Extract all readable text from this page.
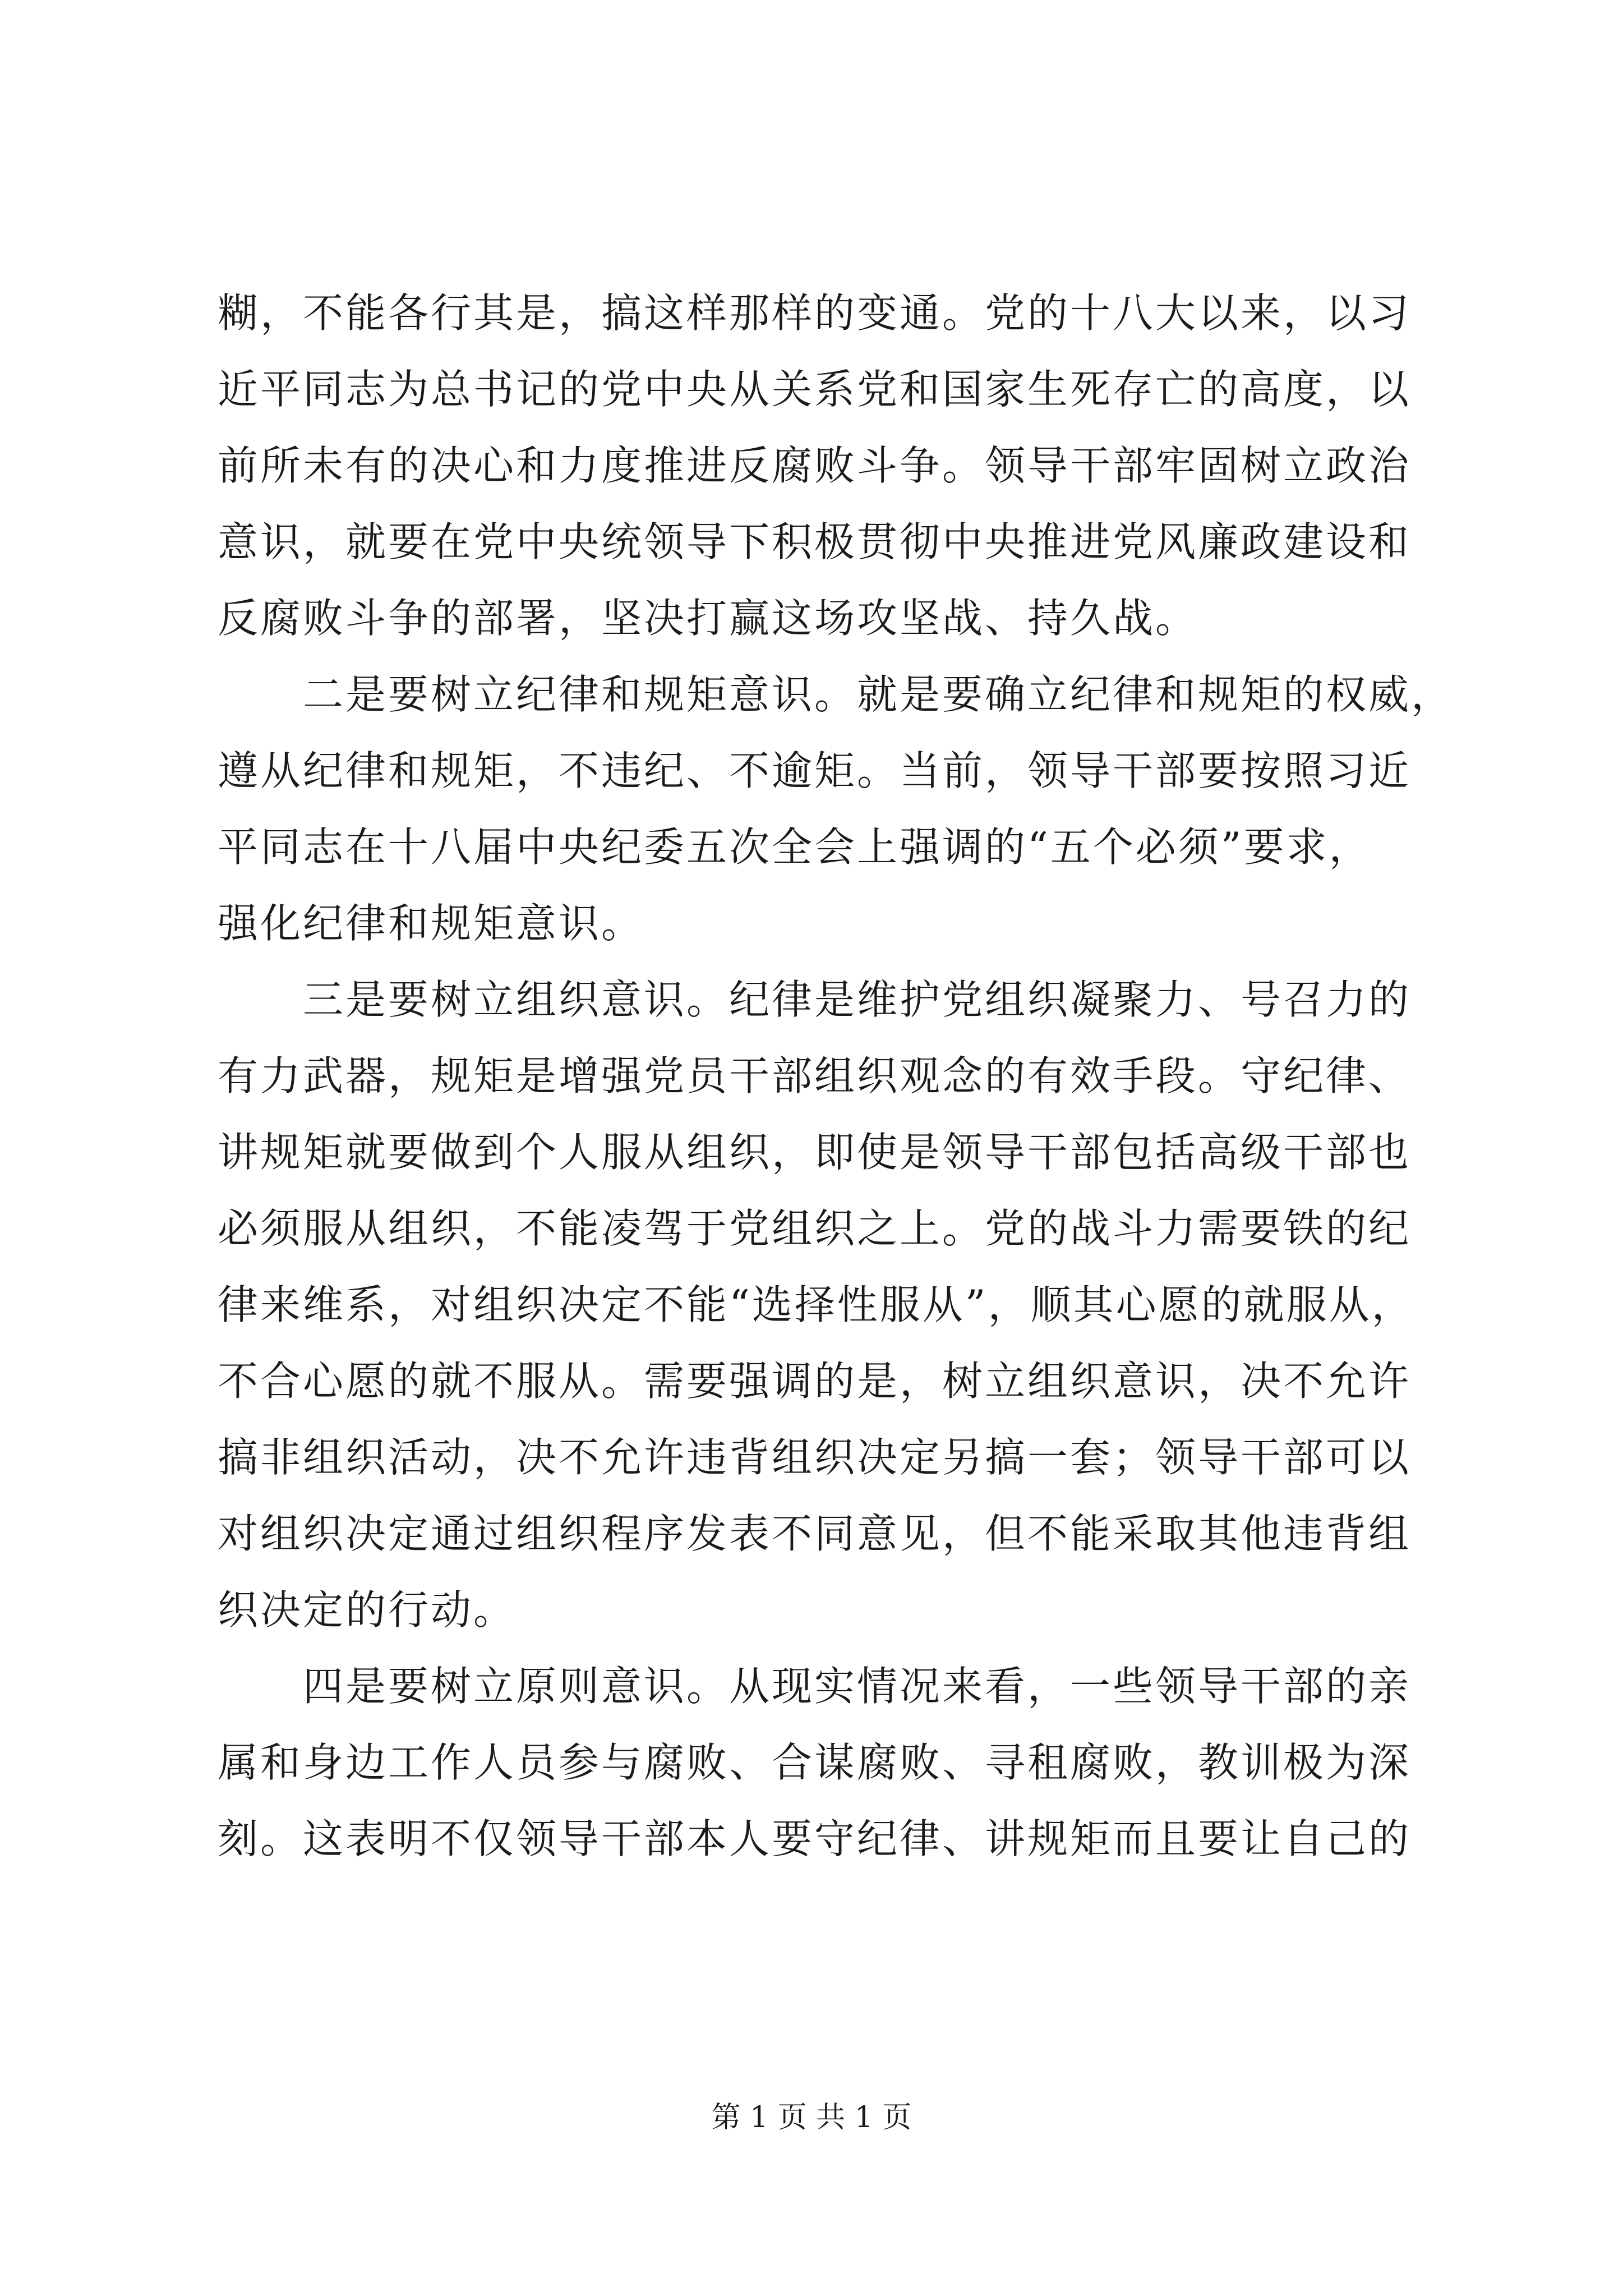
糊，不能各行其是，搞这样那样的变通。党的十八大以来，以习
近平同志为总书记的党中央从关系党和国家生死存亡的高度，以
前所未有的决心和力度推进反腐败斗争。领导干部牢固树立政治
意识，就要在党中央统领导下积极贯彻中央推进党风廉政建设和
反腐败斗争的部署，坚决打赢这场攻坚战、持久战。
二是要树立纪律和规矩意识。就是要确立纪律和规矩的权威，
遵从纪律和规矩，不违纪、不逾矩。当前，领导干部要按照习近
平同志在十八届中央纪委五次全会上强调的“五个必须”要求，
强化纪律和规矩意识。
三是要树立组织意识。纪律是维护党组织凝聚力、号召力的
有力武器，规矩是增强党员干部组织观念的有效手段。守纪律、
讲规矩就要做到个人服从组织，即使是领导干部包括高级干部也
必须服从组织，不能凌驾于党组织之上。党的战斗力需要铁的纪
律来维系，对组织决定不能“选择性服从”，顺其心愿的就服从，
不合心愿的就不服从。需要强调的是，树立组织意识，决不允许
搞非组织活动，决不允许违背组织决定另搞一套；领导干部可以
对组织决定通过组织程序发表不同意见，但不能采取其他违背组
织决定的行动。
四是要树立原则意识。从现实情况来看，一些领导干部的亲
属和身边工作人员参与腐败、合谋腐败、寻租腐败，教训极为深
刻。这表明不仅领导干部本人要守纪律、讲规矩而且要让自己的
第 1 页 共 1 页
